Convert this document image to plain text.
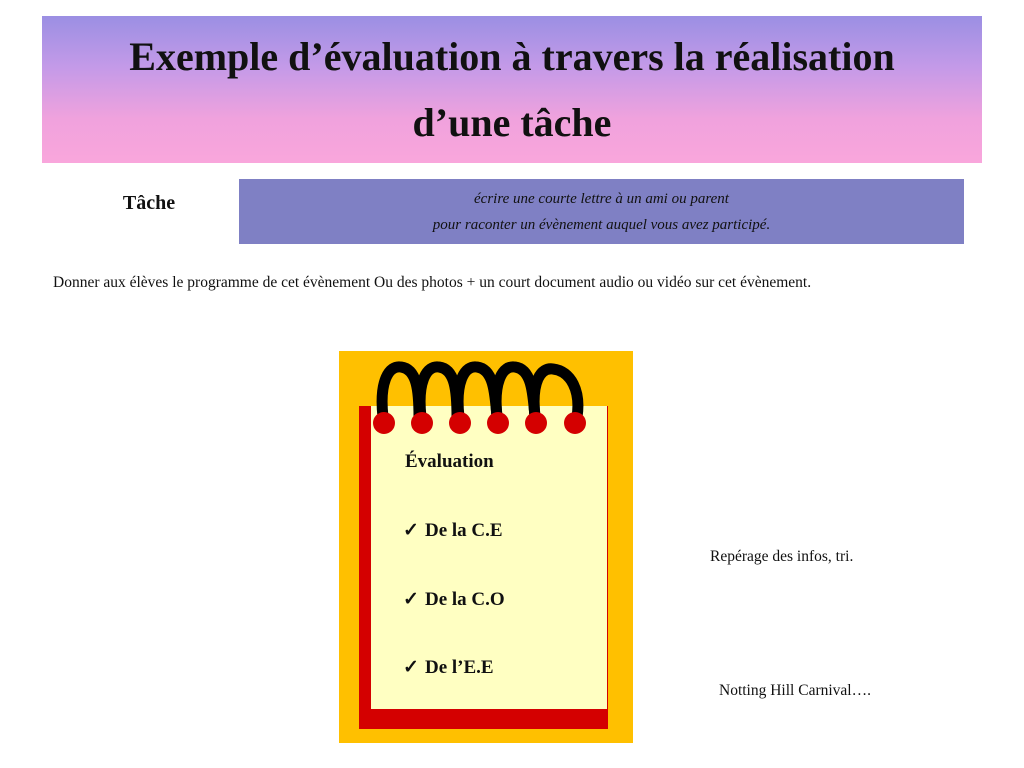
Exemple d’évaluation à travers la réalisation
d’une tâche
Tâche	écrire une courte lettre à un ami ou parent
pour raconter un évènement auquel vous avez participé.
Donner aux élèves le programme de cet évènement Ou des photos + un court document audio ou vidéo sur cet évènement.
Évaluation
✓ De la C.E
✓ De la C.O
✓ De l’E.E
Repérage des infos, tri.
Notting Hill Carnival….
